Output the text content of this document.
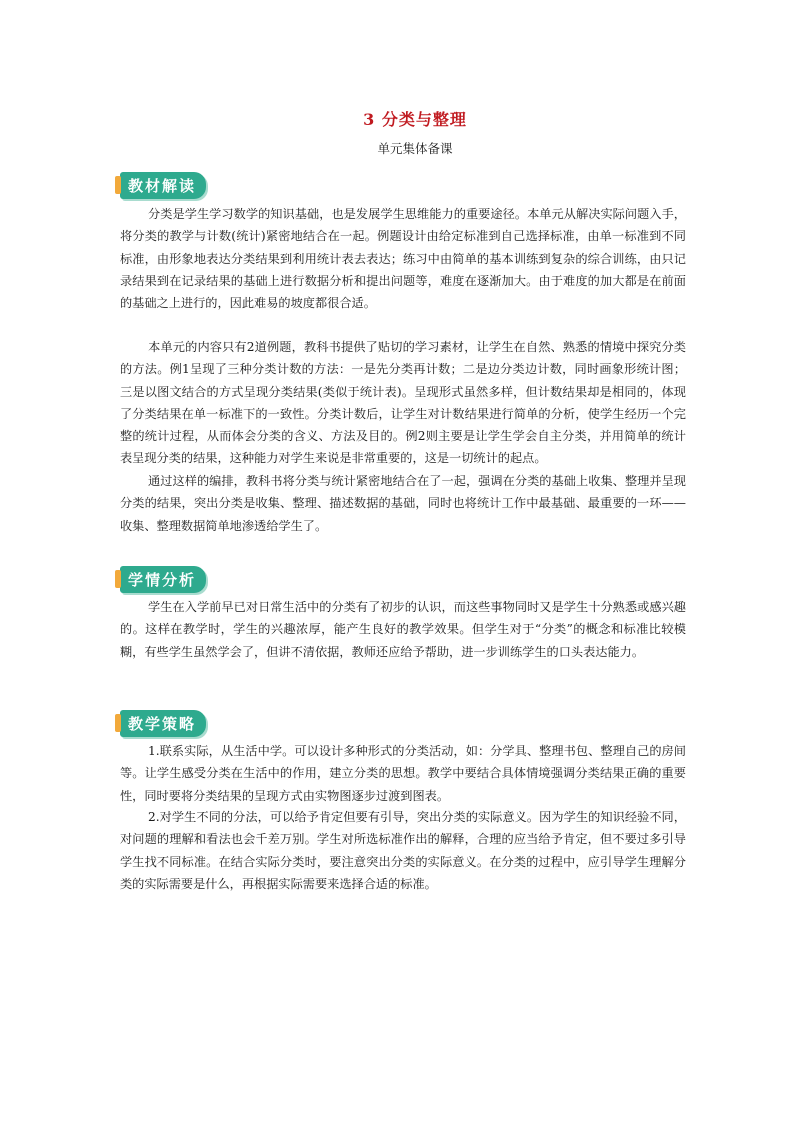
3 分类与整理
单元集体备课
教材解读

分类是学生学习数学的知识基础，也是发展学生思维能力的重要途径。本单元从解决实际问题入手，将分类的教学与计数(统计)紧密地结合在一起。例题设计由给定标准到自己选择标准，由单一标准到不同标准，由形象地表达分类结果到利用统计表去表达；练习中由简单的基本训练到复杂的综合训练，由只记录结果到在记录结果的基础上进行数据分析和提出问题等，难度在逐渐加大。由于难度的加大都是在前面的基础之上进行的，因此难易的坡度都很合适。

本单元的内容只有2道例题，教科书提供了贴切的学习素材，让学生在自然、熟悉的情境中探究分类的方法。例1呈现了三种分类计数的方法：一是先分类再计数；二是边分类边计数，同时画象形统计图；三是以图文结合的方式呈现分类结果(类似于统计表)。呈现形式虽然多样，但计数结果却是相同的，体现了分类结果在单一标准下的一致性。分类计数后，让学生对计数结果进行简单的分析，使学生经历一个完整的统计过程，从而体会分类的含义、方法及目的。例2则主要是让学生学会自主分类，并用简单的统计表呈现分类的结果，这种能力对学生来说是非常重要的，这是一切统计的起点。

通过这样的编排，教科书将分类与统计紧密地结合在了一起，强调在分类的基础上收集、整理并呈现分类的结果，突出分类是收集、整理、描述数据的基础，同时也将统计工作中最基础、最重要的一环——收集、整理数据简单地渗透给学生了。

学情分析

学生在入学前早已对日常生活中的分类有了初步的认识，而这些事物同时又是学生十分熟悉或感兴趣的。这样在教学时，学生的兴趣浓厚，能产生良好的教学效果。但学生对于“分类”的概念和标准比较模糊，有些学生虽然学会了，但讲不清依据，教师还应给予帮助，进一步训练学生的口头表达能力。

教学策略

1.联系实际，从生活中学。可以设计多种形式的分类活动，如：分学具、整理书包、整理自己的房间等。让学生感受分类在生活中的作用，建立分类的思想。教学中要结合具体情境强调分类结果正确的重要性，同时要将分类结果的呈现方式由实物图逐步过渡到图表。

2.对学生不同的分法，可以给予肯定但要有引导，突出分类的实际意义。因为学生的知识经验不同，对问题的理解和看法也会千差万别。学生对所选标准作出的解释，合理的应当给予肯定，但不要过多引导学生找不同标准。在结合实际分类时，要注意突出分类的实际意义。在分类的过程中，应引导学生理解分类的实际需要是什么，再根据实际需要来选择合适的标准。
